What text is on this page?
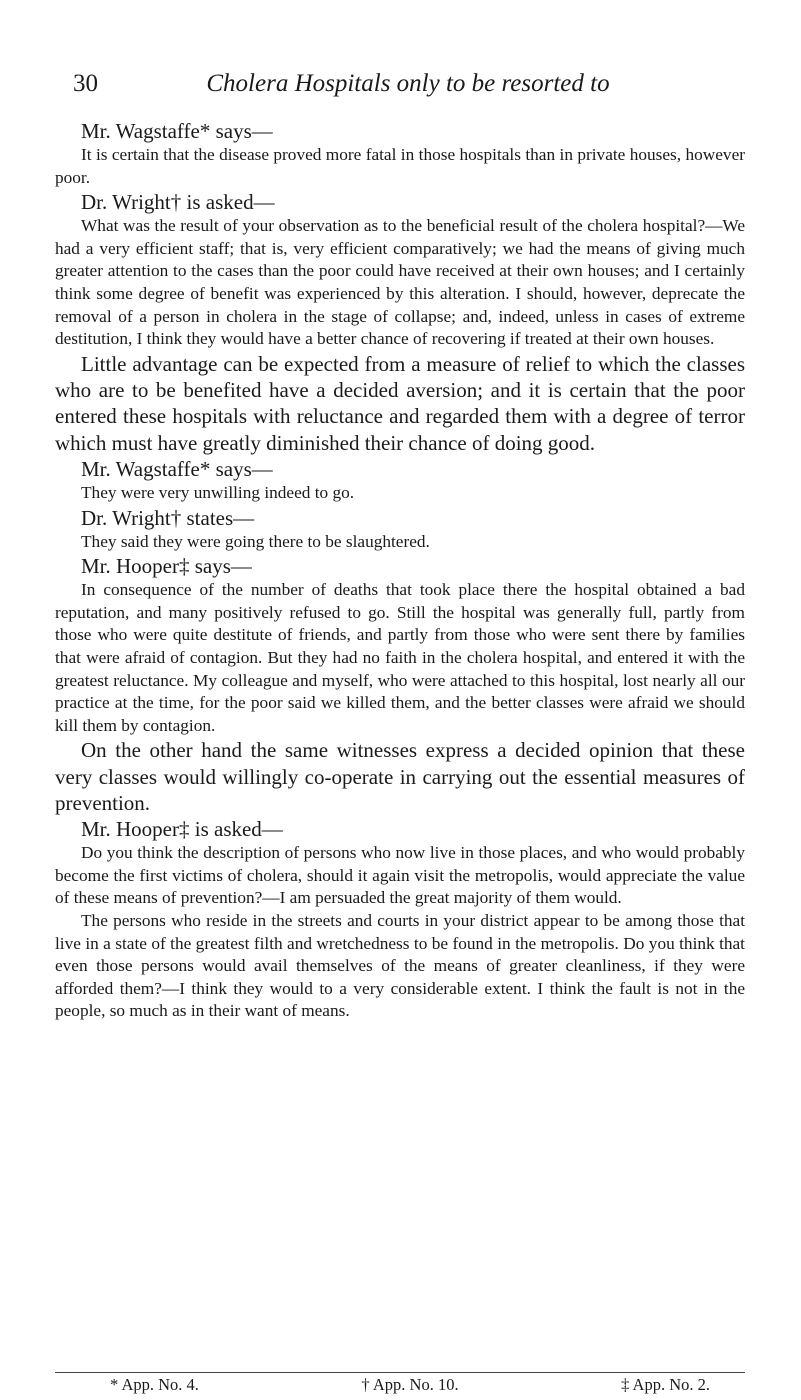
30	Cholera Hospitals only to be resorted to

Mr. Wagstaffe* says—

It is certain that the disease proved more fatal in those hospitals than in private houses, however poor.

Dr. Wright† is asked—

What was the result of your observation as to the beneficial result of the cholera hospital?—We had a very efficient staff; that is, very efficient comparatively; we had the means of giving much greater attention to the cases than the poor could have received at their own houses; and I certainly think some degree of benefit was experienced by this alteration. I should, however, deprecate the removal of a person in cholera in the stage of collapse; and, indeed, unless in cases of extreme destitution, I think they would have a better chance of recovering if treated at their own houses.

Little advantage can be expected from a measure of relief to which the classes who are to be benefited have a decided aversion; and it is certain that the poor entered these hospitals with reluctance and regarded them with a degree of terror which must have greatly diminished their chance of doing good.

Mr. Wagstaffe* says—

They were very unwilling indeed to go.

Dr. Wright† states—

They said they were going there to be slaughtered.

Mr. Hooper‡ says—

In consequence of the number of deaths that took place there the hospital obtained a bad reputation, and many positively refused to go. Still the hospital was generally full, partly from those who were quite destitute of friends, and partly from those who were sent there by families that were afraid of contagion. But they had no faith in the cholera hospital, and entered it with the greatest reluctance. My colleague and myself, who were attached to this hospital, lost nearly all our practice at the time, for the poor said we killed them, and the better classes were afraid we should kill them by contagion.

On the other hand the same witnesses express a decided opinion that these very classes would willingly co-operate in carrying out the essential measures of prevention.

Mr. Hooper‡ is asked—

Do you think the description of persons who now live in those places, and who would probably become the first victims of cholera, should it again visit the metropolis, would appreciate the value of these means of prevention?—I am persuaded the great majority of them would.

The persons who reside in the streets and courts in your district appear to be among those that live in a state of the greatest filth and wretchedness to be found in the metropolis. Do you think that even those persons would avail themselves of the means of greater cleanliness, if they were afforded them?—I think they would to a very considerable extent. I think the fault is not in the people, so much as in their want of means.

* App. No. 4.	† App. No. 10.	‡ App. No. 2.
